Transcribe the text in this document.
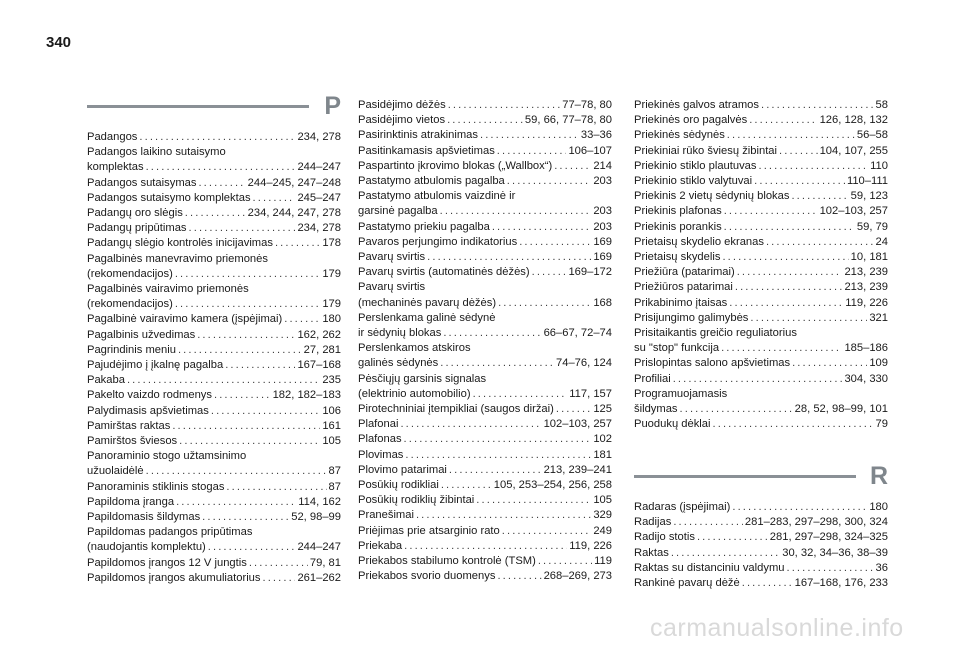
340
P
Padangos . . .	234, 278
Padangos laikino sutaisymo
komplektas . . .	244–247
Padangos sutaisymas . . .	244–245, 247–248
Padangos sutaisymo komplektas . . .	245–247
Padangų oro slėgis . . .	234, 244, 247, 278
Padangų pripūtimas . . .	234, 278
Padangų slėgio kontrolės inicijavimas . . .	178
Pagalbinės manevravimo priemonės
(rekomendacijos) . . .	179
Pagalbinės vairavimo priemonės
(rekomendacijos) . . .	179
Pagalbinė vairavimo kamera (įspėjimai) . . .	180
Pagalbinis užvedimas . . .	162, 262
Pagrindinis meniu . . .	27, 281
Pajudėjimo į įkalnę pagalba . . .	167–168
Pakaba . . .	235
Pakelto vaizdo rodmenys . . .	182, 182–183
Palydimasis apšvietimas . . .	106
Pamirštas raktas . . .	161
Pamirštos šviesos . . .	105
Panoraminio stogo užtamsinimo
užuolaidėlė . . .	87
Panoraminis stiklinis stogas . . .	87
Papildoma įranga . . .	114, 162
Papildomasis šildymas . . .	52, 98–99
Papildomas padangos pripūtimas
(naudojantis komplektu) . . .	244–247
Papildomos įrangos 12 V jungtis . . .	79, 81
Papildomos įrangos akumuliatorius . . .	261–262
Pasidėjimo dėžės . . .	77–78, 80
Pasidėjimo vietos . . .	59, 66, 77–78, 80
Pasirinktinis atrakinimas . . .	33–36
Pasitinkamasis apšvietimas . . .	106–107
Paspartinto įkrovimo blokas („Wallbox“) . . .	214
Pastatymo atbulomis pagalba . . .	203
Pastatymo atbulomis vaizdinė ir
garsinė pagalba . . .	203
Pastatymo priekiu pagalba . . .	203
Pavaros perjungimo indikatorius . . .	169
Pavarų svirtis . . .	169
Pavarų svirtis (automatinės dėžės) . . .	169–172
Pavarų svirtis
(mechaninės pavarų dėžės) . . .	168
Perslenkama galinė sėdynė
ir sėdynių blokas . . .	66–67, 72–74
Perslenkamos atskiros
galinės sėdynės . . .	74–76, 124
Pėsčiųjų garsinis signalas
(elektrinio automobilio) . . .	117, 157
Pirotechniniai įtempikliai (saugos diržai) . . .	125
Plafonai . . .	102–103, 257
Plafonas . . .	102
Plovimas . . .	181
Plovimo patarimai . . .	213, 239–241
Posūkių rodikliai . . .	105, 253–254, 256, 258
Posūkių rodiklių žibintai . . .	105
Pranešimai . . .	329
Priėjimas prie atsarginio rato . . .	249
Priekaba . . .	119, 226
Priekabos stabilumo kontrolė (TSM) . . .	119
Priekabos svorio duomenys . . .	268–269, 273
Priekinės galvos atramos . . .	58
Priekinės oro pagalvės . . .	126, 128, 132
Priekinės sėdynės . . .	56–58
Priekiniai rūko šviesų žibintai . . .	104, 107, 255
Priekinio stiklo plautuvas . . .	110
Priekinio stiklo valytuvai . . .	110–111
Priekinis 2 vietų sėdynių blokas . . .	59, 123
Priekinis plafonas . . .	102–103, 257
Priekinis porankis . . .	59, 79
Prietaisų skydelio ekranas . . .	24
Prietaisų skydelis . . .	10, 181
Priežiūra (patarimai) . . .	213, 239
Priežiūros patarimai . . .	213, 239
Prikabinimo įtaisas . . .	119, 226
Prisijungimo galimybės . . .	321
Prisitaikantis greičio reguliatorius
su "stop" funkcija . . .	185–186
Prislopintas salono apšvietimas . . .	109
Profiliai . . .	304, 330
Programuojamasis
šildymas . . .	28, 52, 98–99, 101
Puodukų dėklai . . .	79
R
Radaras (įspėjimai) . . .	180
Radijas . . .	281–283, 297–298, 300, 324
Radijo stotis . . .	281, 297–298, 324–325
Raktas . . .	30, 32, 34–36, 38–39
Raktas su distanciniu valdymu . . .	36
Rankinė pavarų dėžė . . .	167–168, 176, 233
carmanualsonline.info
